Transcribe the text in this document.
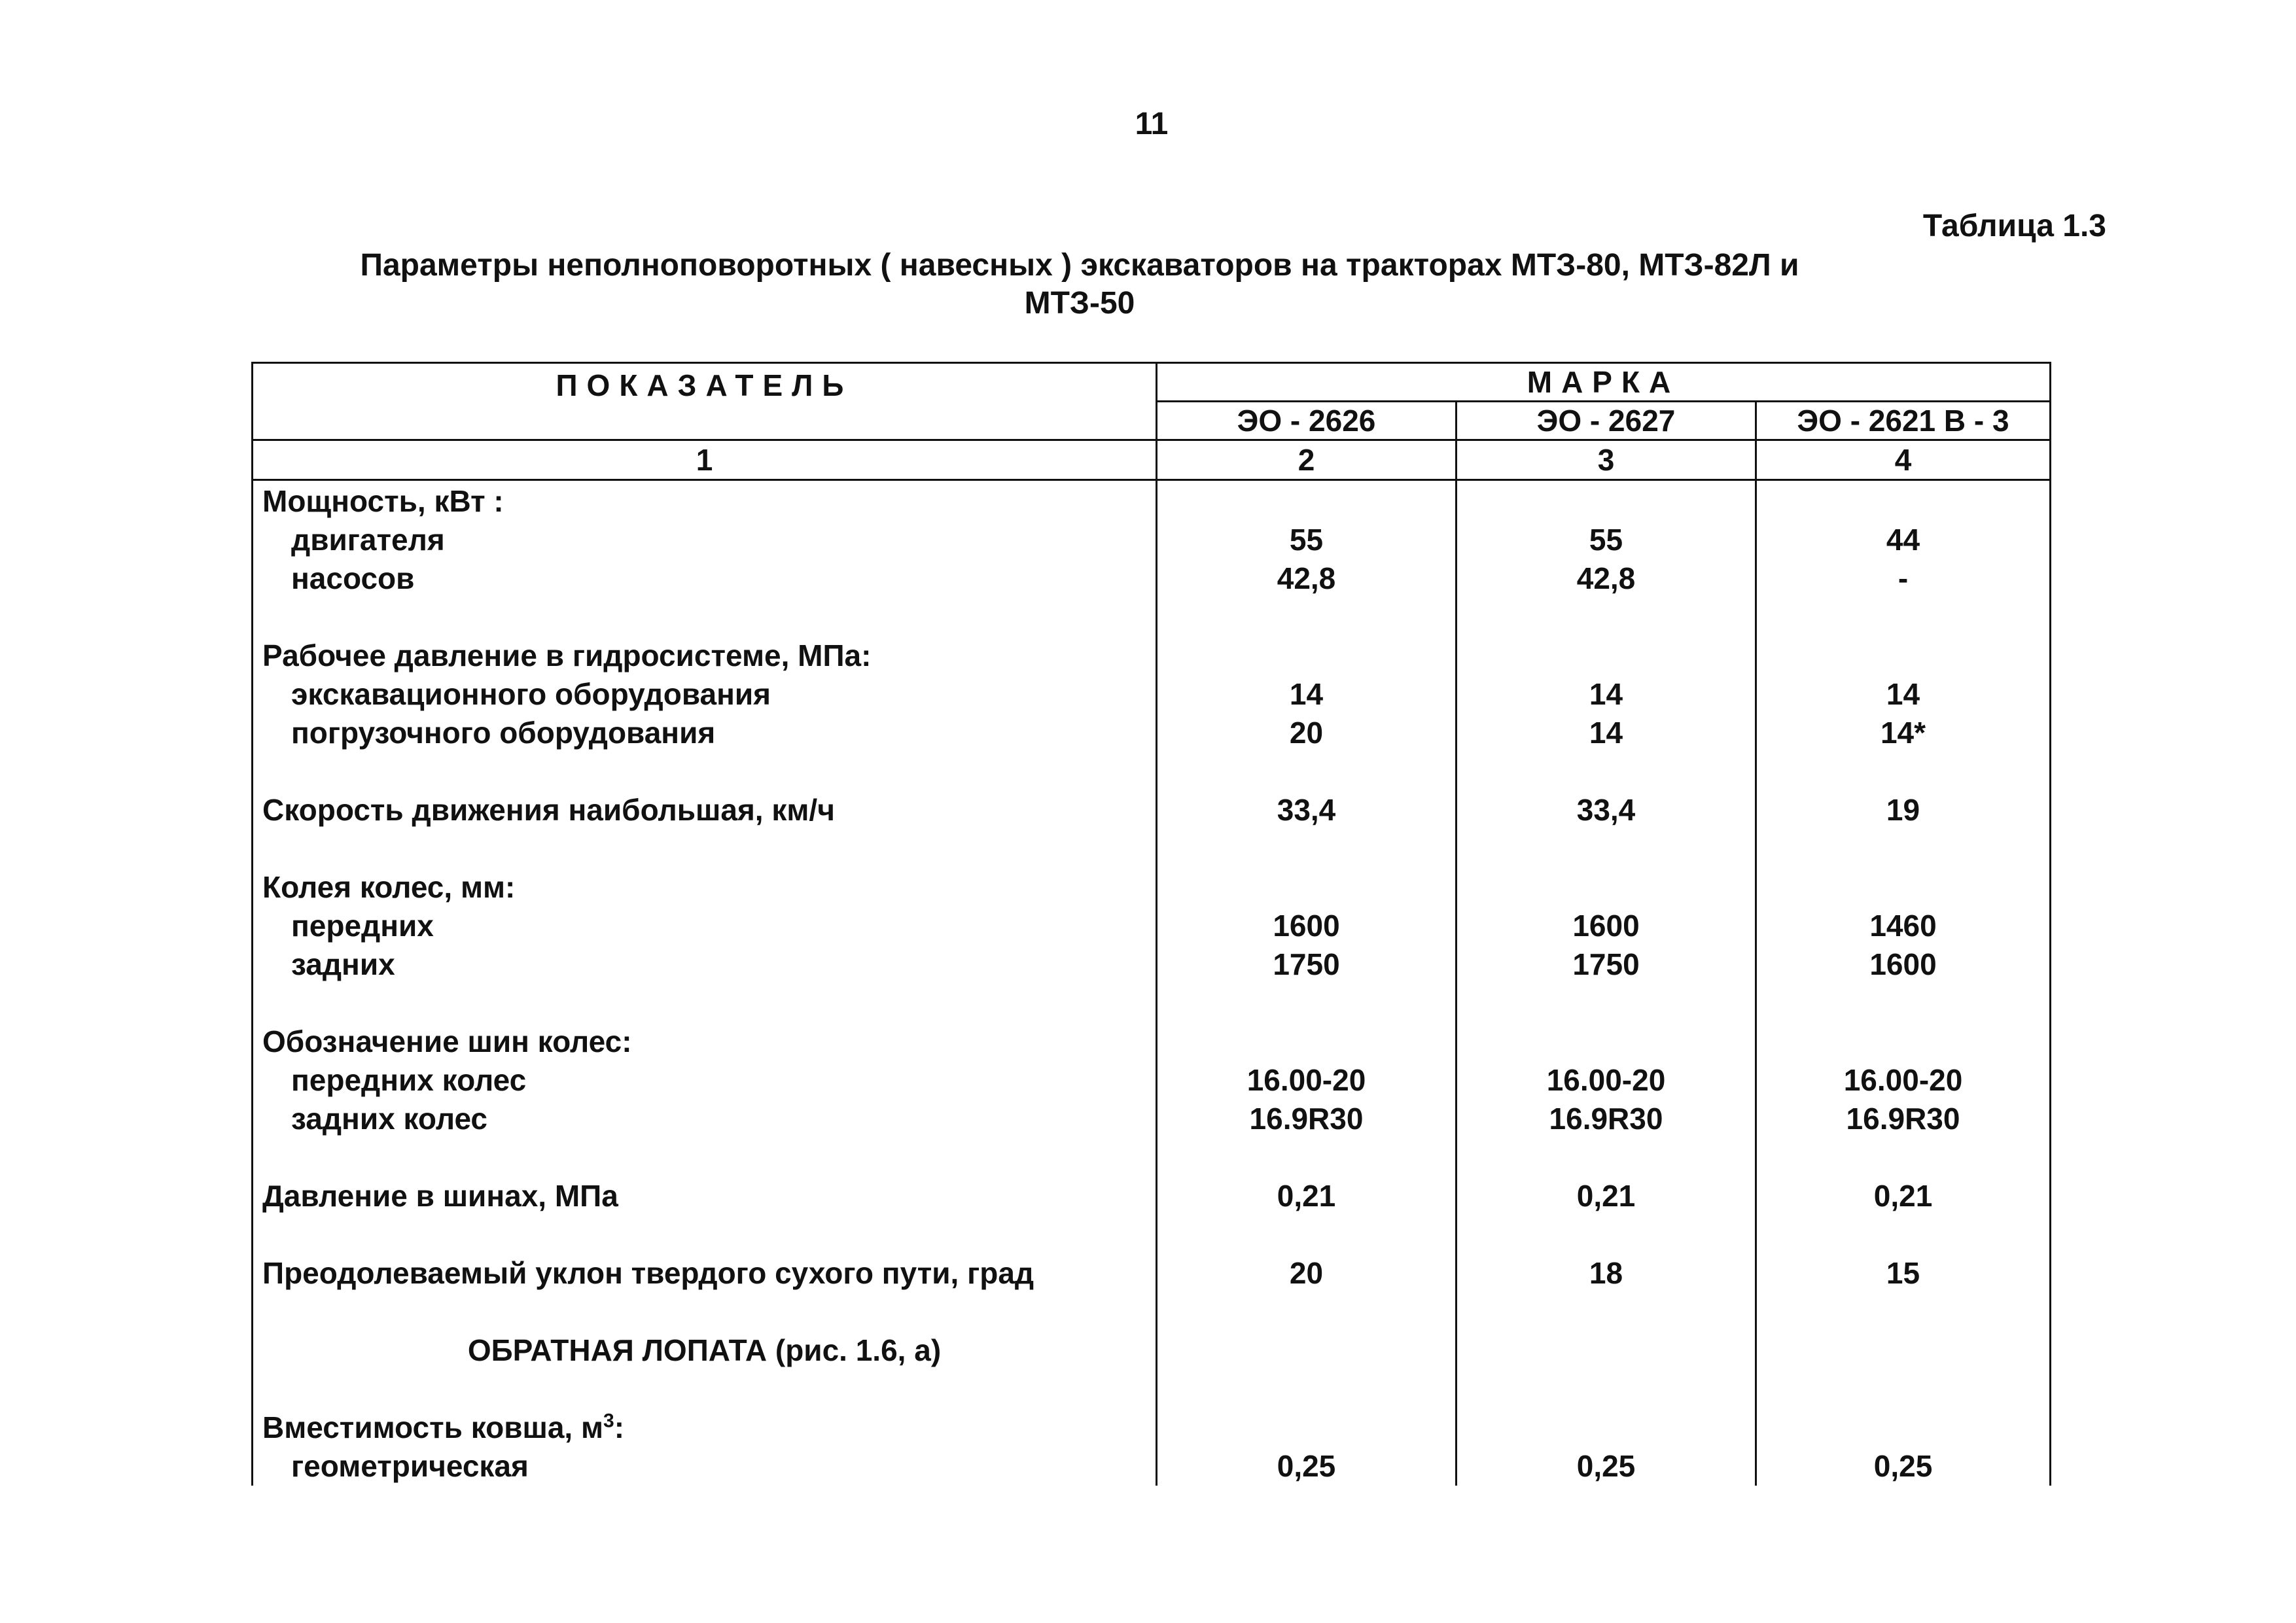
11
Таблица 1.3
Параметры неполноповоротных ( навесных ) экскаваторов на тракторах МТЗ-80, МТЗ-82Л и
МТЗ-50
ПОКАЗАТЕЛЬ	МАРКА		
	ЭО - 2626	ЭО - 2627	ЭО - 2621 В - 3
1	2	3	4
Мощность, кВт :			
двигателя	55	55	44
насосов	42,8	42,8	-

Рабочее давление в гидросистеме, МПа:			
экскавационного оборудования	14	14	14
погрузочного оборудования	20	14	14*

Скорость движения наибольшая, км/ч	33,4	33,4	19

Колея колес, мм:			
передних	1600	1600	1460
задних	1750	1750	1600

Обозначение шин колес:			
передних колес	16.00-20	16.00-20	16.00-20
задних колес	16.9R30	16.9R30	16.9R30

Давление в шинах, МПа	0,21	0,21	0,21

Преодолеваемый уклон твердого сухого пути, град	20	18	15

ОБРАТНАЯ ЛОПАТА (рис. 1.6, а)			

Вместимость ковша, $м^3$:			
геометрическая	0,25	0,25	0,25
